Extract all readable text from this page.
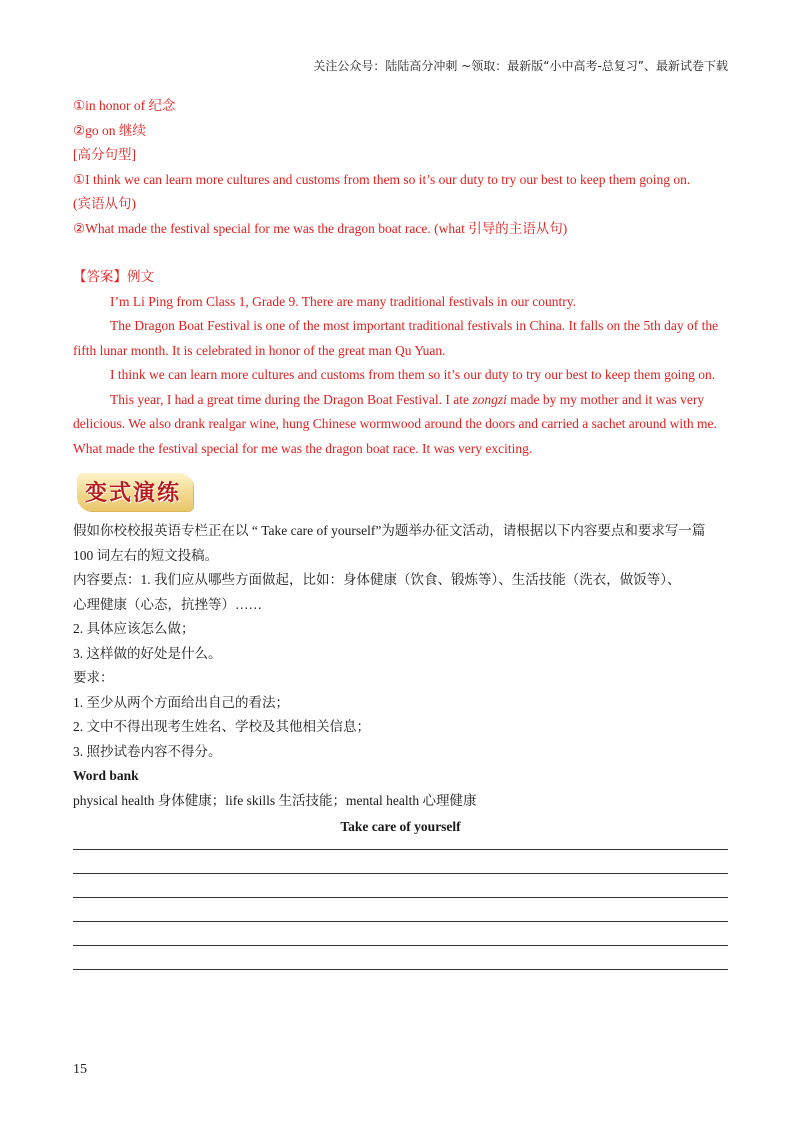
关注公众号：陆陆高分冲刺 ~领取：最新版“小中高考-总复习”、最新试卷下载
①in honor of 纪念
②go on 继续
[高分句型]
①I think we can learn more cultures and customs from them so it’s our duty to try our best to keep them going on.
(宾语从句)
②What made the festival special for me was the dragon boat race. (what 引导的主语从句)
【答案】例文
I’m Li Ping from Class 1, Grade 9. There are many traditional festivals in our country.
The Dragon Boat Festival is one of the most important traditional festivals in China. It falls on the 5th day of the fifth lunar month. It is celebrated in honor of the great man Qu Yuan.
I think we can learn more cultures and customs from them so it’s our duty to try our best to keep them going on.
This year, I had a great time during the Dragon Boat Festival. I ate zongzi made by my mother and it was very delicious. We also drank realgar wine, hung Chinese wormwood around the doors and carried a sachet around with me. What made the festival special for me was the dragon boat race. It was very exciting.
变式演练
假如你校校报英语专栏正在以 “ Take care of yourself”为题举办征文活动，请根据以下内容要点和要求写一篇 100 词左右的短文投稿。
内容要点：1. 我们应从哪些方面做起，比如：身体健康（饮食、锻炼等）、生活技能（洗衣，做饭等）、
心理健康（心态，抗挫等）……
2. 具体应该怎么做；
3. 这样做的好处是什么。
要求：
1. 至少从两个方面给出自己的看法；
2. 文中不得出现考生姓名、学校及其他相关信息；
3. 照抄试卷内容不得分。
Word bank
physical health 身体健康；life skills 生活技能；mental health 心理健康
Take care of yourself
15
